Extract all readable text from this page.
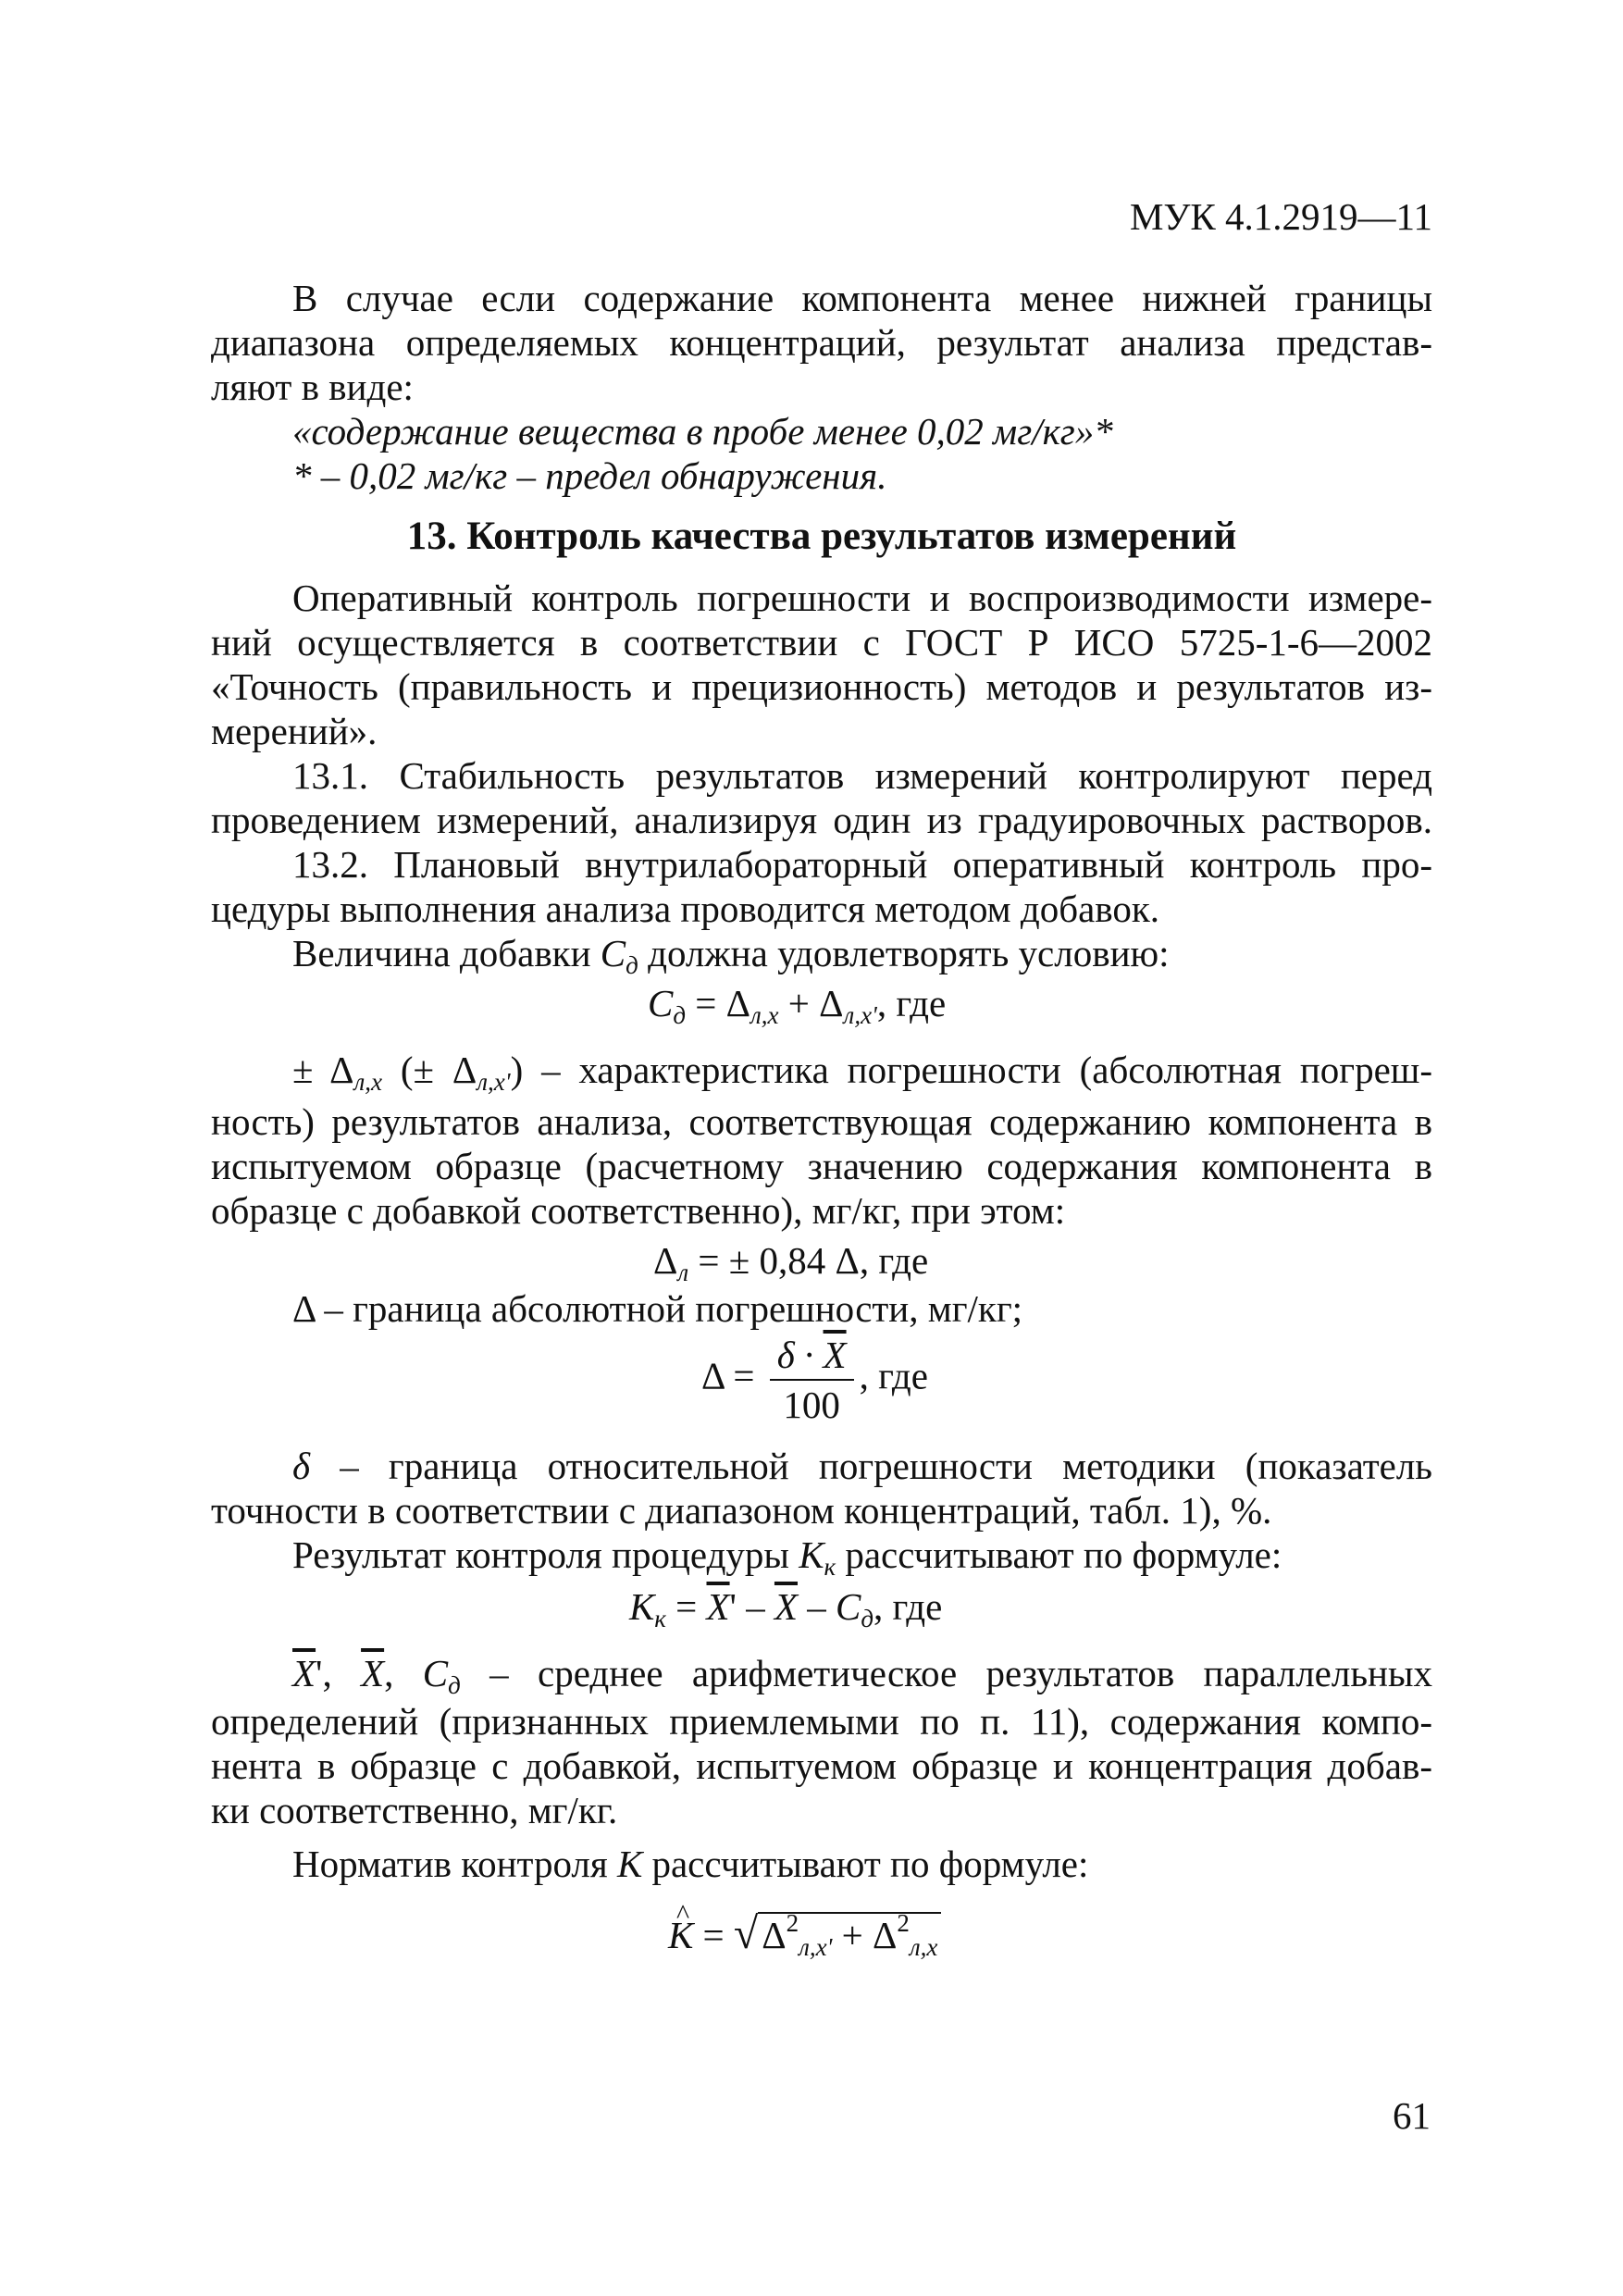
МУК 4.1.2919—11
В случае если содержание компонента менее нижней границы
диапазона определяемых концентраций, результат анализа представ-
ляют в виде:
«содержание вещества в пробе менее 0,02 мг/кг»*
* – 0,02 мг/кг – предел обнаружения.
13. Контроль качества результатов измерений
Оперативный контроль погрешности и воспроизводимости измере-
ний осуществляется в соответствии с ГОСТ Р ИСО 5725-1-6—2002
«Точность (правильность и прецизионность) методов и результатов из-
мерений».
13.1. Стабильность результатов измерений контролируют перед
проведением измерений, анализируя один из градуировочных растворов.
13.2. Плановый внутрилабораторный оперативный контроль про-
цедуры выполнения анализа проводится методом добавок.
Величина добавки $C_д$ должна удовлетворять условию:
$C_д = \Delta_{л,х} + \Delta_{л,х'}$, где
± $\Delta_{л,х}$ (± $\Delta_{л,х'}$) – характеристика погрешности (абсолютная погреш-
ность) результатов анализа, соответствующая содержанию компонента в
испытуемом образце (расчетному значению содержания компонента в
образце с добавкой соответственно), мг/кг, при этом:
$\Delta_л$ = ± 0,84 Δ, где
Δ – граница абсолютной погрешности, мг/кг;
$\Delta = \frac{\delta \cdot \overline{X}}{100}$ , где
δ – граница относительной погрешности методики (показатель
точности в соответствии с диапазоном концентраций, табл. 1), %.
Результат контроля процедуры $К_к$ рассчитывают по формуле:
$К_к = \overline{X}' - \overline{X} - C_д$, где
$\overline{X}'$, $\overline{X}$, $C_д$ – среднее арифметическое результатов параллельных
определений (признанных приемлемыми по п. 11), содержания компо-
нента в образце с добавкой, испытуемом образце и концентрация добав-
ки соответственно, мг/кг.
Норматив контроля К рассчитывают по формуле:
К ^ = $√\Delta^2_{л,х'} + \Delta^2_{л,х}$
61
